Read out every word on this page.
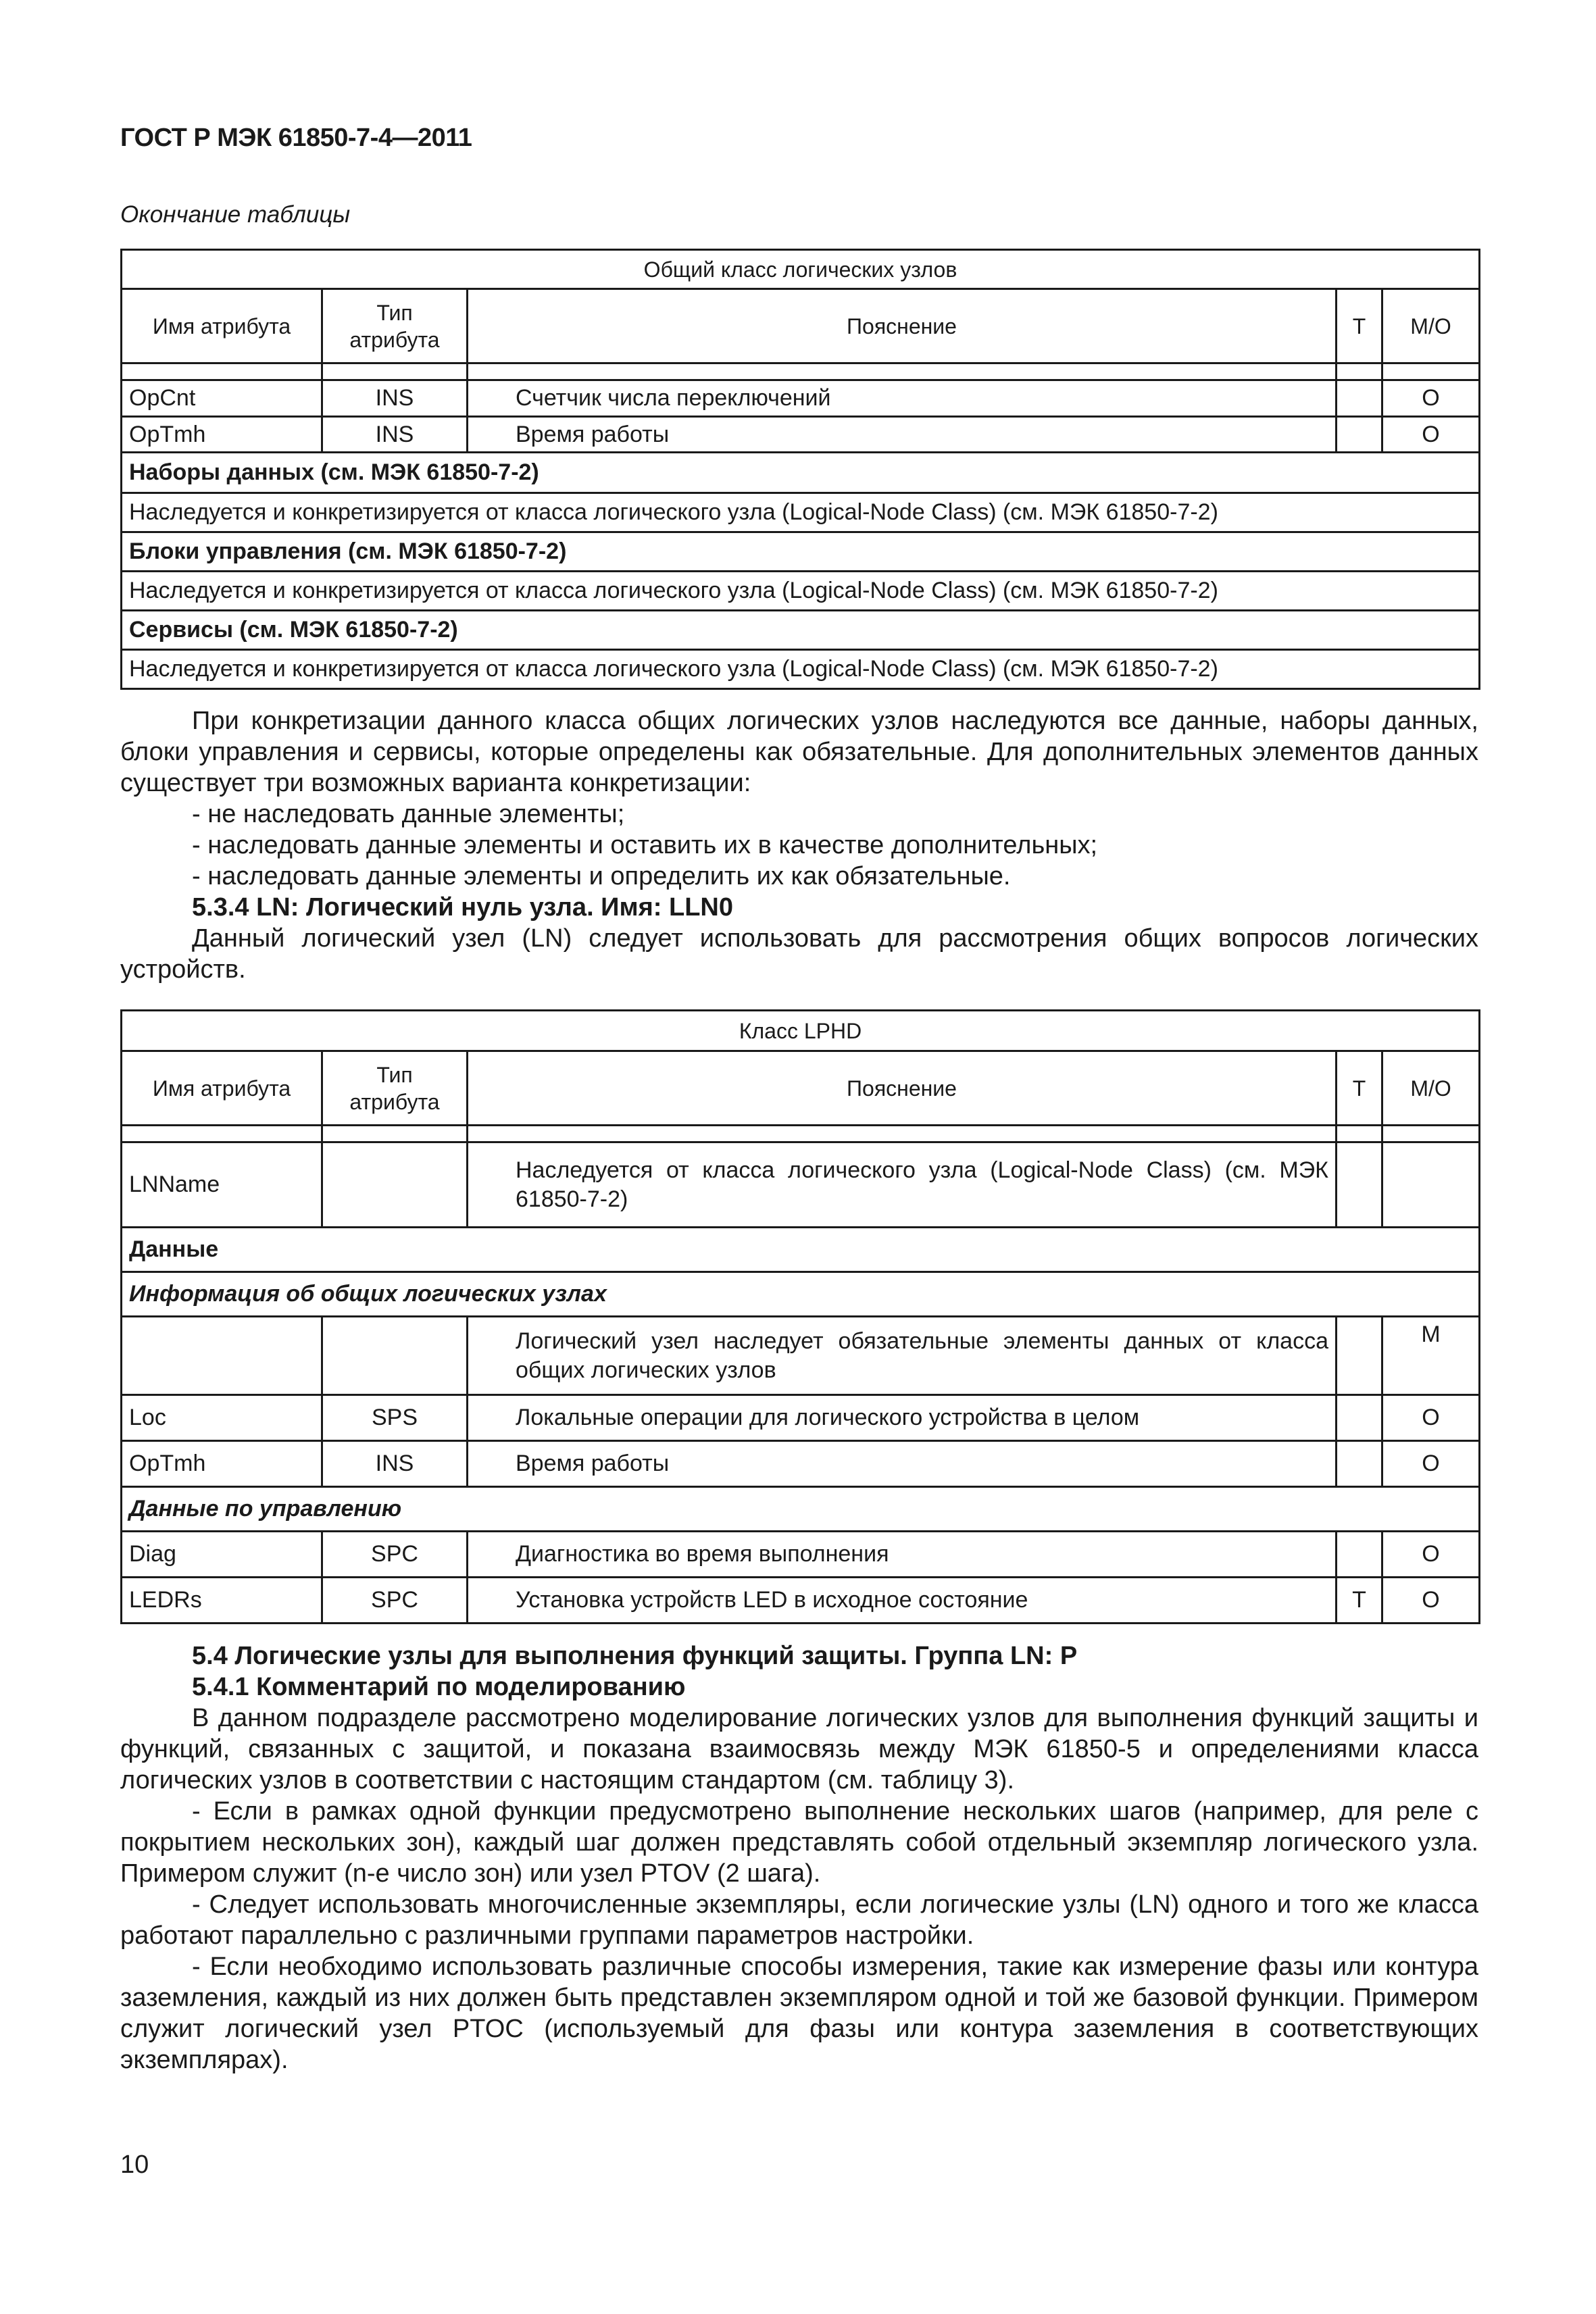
ГОСТ Р МЭК 61850-7-4—2011
Окончание таблицы
Общий класс логических узлов				
Имя атрибута	Тип атрибута	Пояснение	Т	М/О

OpCnt	INS	Счетчик числа переключений		O
OpTmh	INS	Время работы		O
Наборы данных (см. МЭК 61850-7-2)				
Наследуется и конкретизируется от класса логического узла (Logical-Node Class) (см. МЭК 61850-7-2)				
Блоки управления (см. МЭК 61850-7-2)				
Наследуется и конкретизируется от класса логического узла (Logical-Node Class) (см. МЭК 61850-7-2)				
Сервисы (см. МЭК 61850-7-2)				
Наследуется и конкретизируется от класса логического узла (Logical-Node Class) (см. МЭК 61850-7-2)				

При конкретизации данного класса общих логических узлов наследуются все данные, наборы данных, блоки управления и сервисы, которые определены как обязательные. Для дополнительных элементов данных существует три возможных варианта конкретизации:

- не наследовать данные элементы;

- наследовать данные элементы и оставить их в качестве дополнительных;

- наследовать данные элементы и определить их как обязательные.

5.3.4 LN: Логический нуль узла. Имя: LLN0

Данный логический узел (LN) следует использовать для рассмотрения общих вопросов логических устройств.

Класс LPHD				
Имя атрибута	Тип атрибута	Пояснение	Т	М/О

LNName		Наследуется от класса логического узла (Logical-Node Class) (см. МЭК 61850-7-2)		
Данные				
Информация об общих логических узлах				
		Логический узел наследует обязательные элементы данных от класса общих логических узлов		M
Loc	SPS	Локальные операции для логического устройства в целом		O
OpTmh	INS	Время работы		O
Данные по управлению				
Diag	SPC	Диагностика во время выполнения		O
LEDRs	SPC	Установка устройств LED в исходное состояние	T	O

5.4 Логические узлы для выполнения функций защиты. Группа LN: P

5.4.1 Комментарий по моделированию

В данном подразделе рассмотрено моделирование логических узлов для выполнения функций защиты и функций, связанных с защитой, и показана взаимосвязь между МЭК 61850-5 и определениями класса логических узлов в соответствии с настоящим стандартом (см. таблицу 3).

- Если в рамках одной функции предусмотрено выполнение нескольких шагов (например, для реле с покрытием нескольких зон), каждый шаг должен представлять собой отдельный экземпляр логического узла. Примером служит (n-е число зон) или узел PTOV (2 шага).

- Следует использовать многочисленные экземпляры, если логические узлы (LN) одного и того же класса работают параллельно с различными группами параметров настройки.

- Если необходимо использовать различные способы измерения, такие как измерение фазы или контура заземления, каждый из них должен быть представлен экземпляром одной и той же базовой функции. Примером служит логический узел PTOC (используемый для фазы или контура заземления в соответствующих экземплярах).

10
